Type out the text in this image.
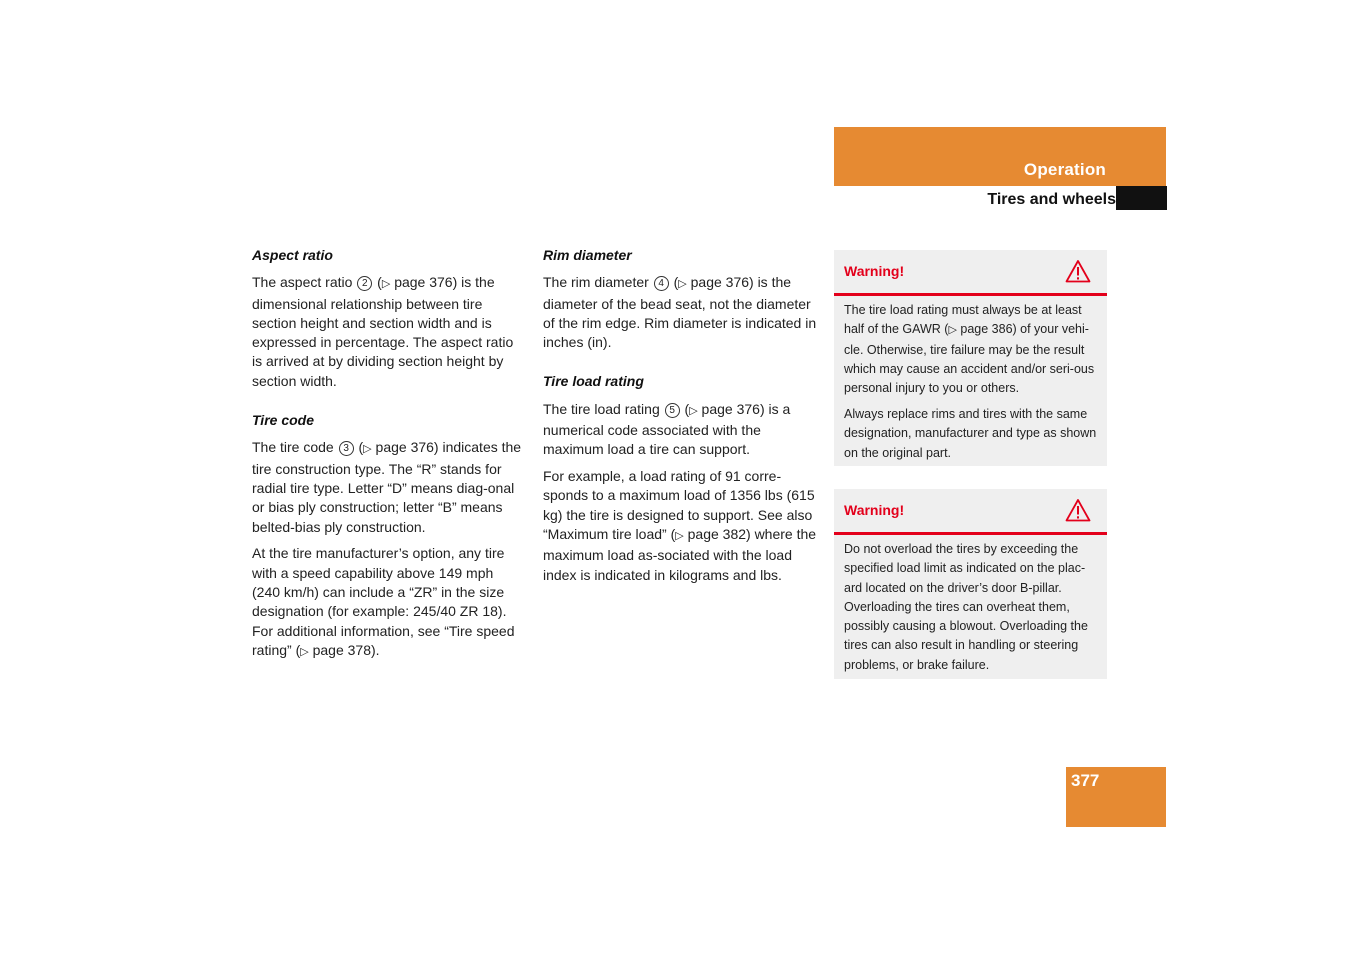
Operation
Tires and wheels
Aspect ratio

The aspect ratio 2 (▷ page 376) is the dimensional relationship between tire section height and section width and is expressed in percentage. The aspect ratio is arrived at by dividing section height by section width.

Tire code

The tire code 3 (▷ page 376) indicates the tire construction type. The “R” stands for radial tire type. Letter “D” means diag-onal or bias ply construction; letter “B” means belted-bias ply construction.

At the tire manufacturer’s option, any tire with a speed capability above 149 mph (240 km/h) can include a “ZR” in the size designation (for example: 245/40 ZR 18). For additional information, see “Tire speed rating” (▷ page 378).

Rim diameter

The rim diameter 4 (▷ page 376) is the diameter of the bead seat, not the diameter of the rim edge. Rim diameter is indicated in inches (in).

Tire load rating

The tire load rating 5 (▷ page 376) is a numerical code associated with the maximum load a tire can support.

For example, a load rating of 91 corre-sponds to a maximum load of 1356 lbs (615 kg) the tire is designed to support. See also “Maximum tire load” (▷ page 382) where the maximum load as-sociated with the load index is indicated in kilograms and lbs.

Warning!

The tire load rating must always be at least half of the GAWR (▷ page 386) of your vehi-cle. Otherwise, tire failure may be the result which may cause an accident and/or seri-ous personal injury to you or others.

Always replace rims and tires with the same designation, manufacturer and type as shown on the original part.

Warning!

Do not overload the tires by exceeding the specified load limit as indicated on the plac-ard located on the driver’s door B-pillar. Overloading the tires can overheat them, possibly causing a blowout. Overloading the tires can also result in handling or steering problems, or brake failure.

377
